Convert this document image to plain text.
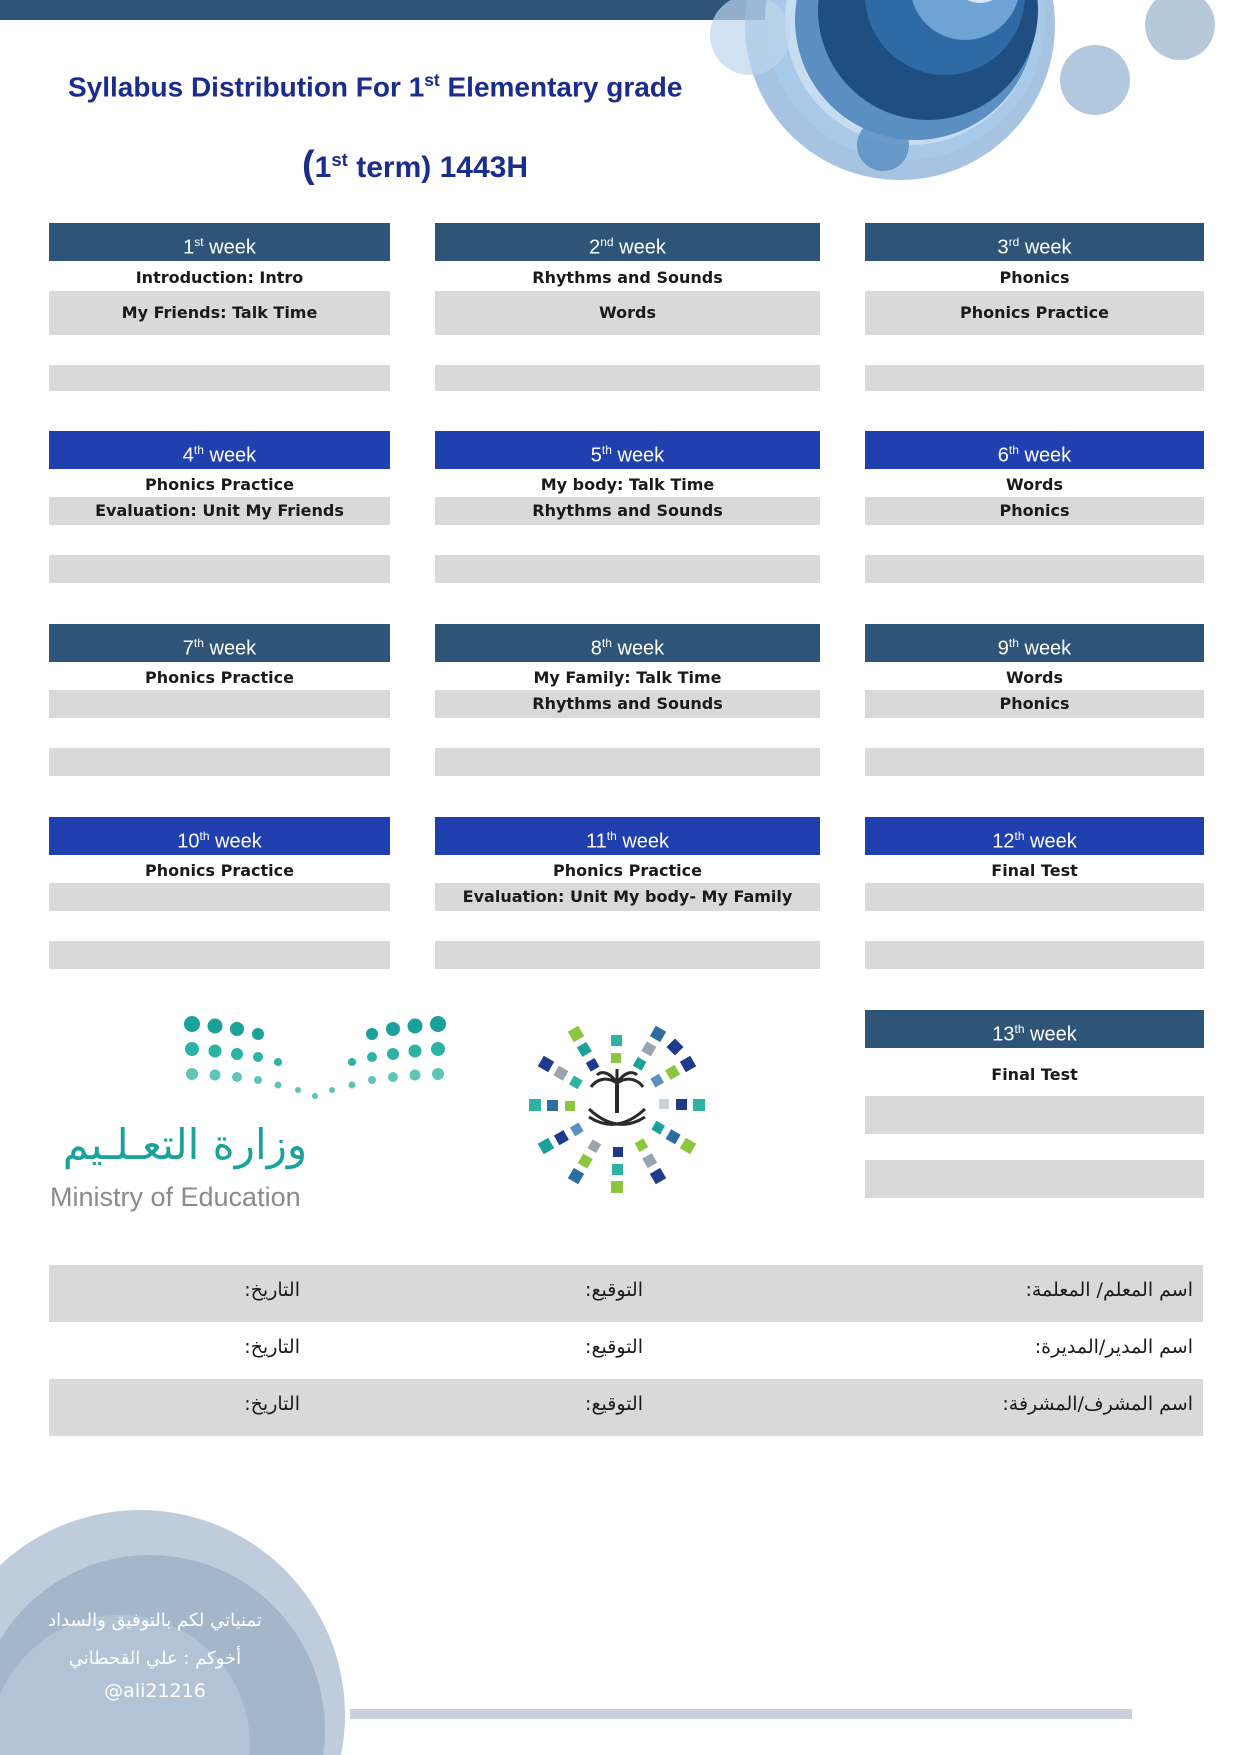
Syllabus Distribution For 1st Elementary grade
(1st term) 1443H
1st week
Introduction: Intro
My Friends: Talk Time
2nd week
Rhythms and Sounds
Words
3rd week
Phonics
Phonics Practice
4th week
Phonics Practice
Evaluation: Unit My Friends
5th week
My body: Talk Time
Rhythms and Sounds
6th week
Words
Phonics
7th week
Phonics Practice
8th week
My Family: Talk Time
Rhythms and Sounds
9th week
Words
Phonics
10th week
Phonics Practice
11th week
Phonics Practice
Evaluation: Unit My body- My Family
12th week
Final Test
13th week
Final Test
وزارة التعـلـيم
Ministry of Education
اسم المعلم/ المعلمة:
التوقيع:
التاريخ:
اسم المدير/المديرة:
التوقيع:
التاريخ:
اسم المشرف/المشرفة:
التوقيع:
التاريخ:
تمنياتي لكم بالتوفيق والسداد
أخوكم : علي القحطاني
@ali21216
